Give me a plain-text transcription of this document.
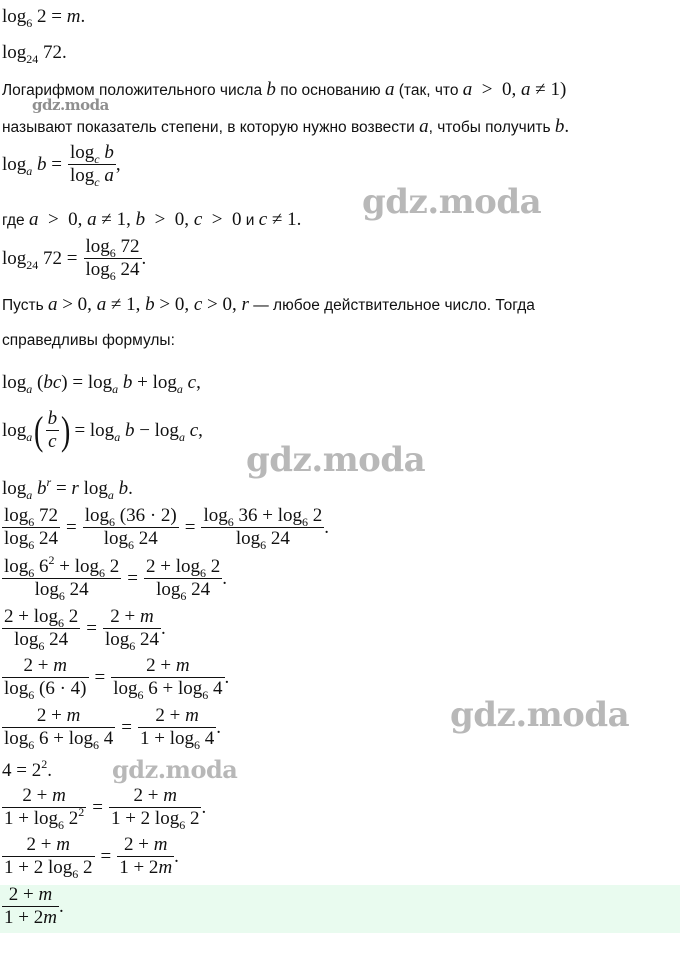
gdz.moda
gdz.moda
gdz.moda
gdz.moda
gdz.moda
$\log_6 2 = m$.
$\log_{24} 72$.
Логарифмом положительного числа b по основанию a (так, что a  >  0, a ≠ 1)
называют показатель степени, в которую нужно возвести a, чтобы получить b.
$\log_a b = \frac{\log_c b}{\log_c a}$ ,
где a  >  0, a ≠ 1, b  >  0, c  >  0 и c ≠ 1.
$\log_{24} 72 = \frac{\log_6 72}{\log_6 24}$ .
Пусть a > 0, a ≠ 1, b > 0, c > 0, r — любое действительное число. Тогда
справедливы формулы:
$\log_a (bc) = \log_a b + \log_a c$,
$\log_a( \frac{b}{c}$ ) = $\log_a b - \log_a c$,
$\log_a b^r = r$ $\log_a b$.
$\frac{\log_6 72}{\log_6 24} = \frac{\log_6 (36 \cdot 2)}{\log_6 24} = \frac{\log_6 36 + \log_6 2}{\log_6 24}$ .
$\frac{\log_6 6^2 + \log_6 2}{\log_6 24} = \frac{2 + \log_6 2}{\log_6 24}$ .
$\frac{2 + \log_6 2}{\log_6 24} = \frac{2 + m}{\log_6 24}$ .
$\frac{2 + m}{\log_6 (6 \cdot 4)} = \frac{2 + m}{\log_6 6 + \log_6 4}$ .
$\frac{2 + m}{\log_6 6 + \log_6 4} = \frac{2 + m}{1 + \log_6 4}$ .
$4 = 2^2$.
$\frac{2 + m}{1 + \log_6 2^2} = \frac{2 + m}{1 + 2 \log_6 2}$ .
$\frac{2 + m}{1 + 2 \log_6 2} = \frac{2 + m}{1 + 2m}$ .
$\frac{2 + m}{1 + 2m}$ .
